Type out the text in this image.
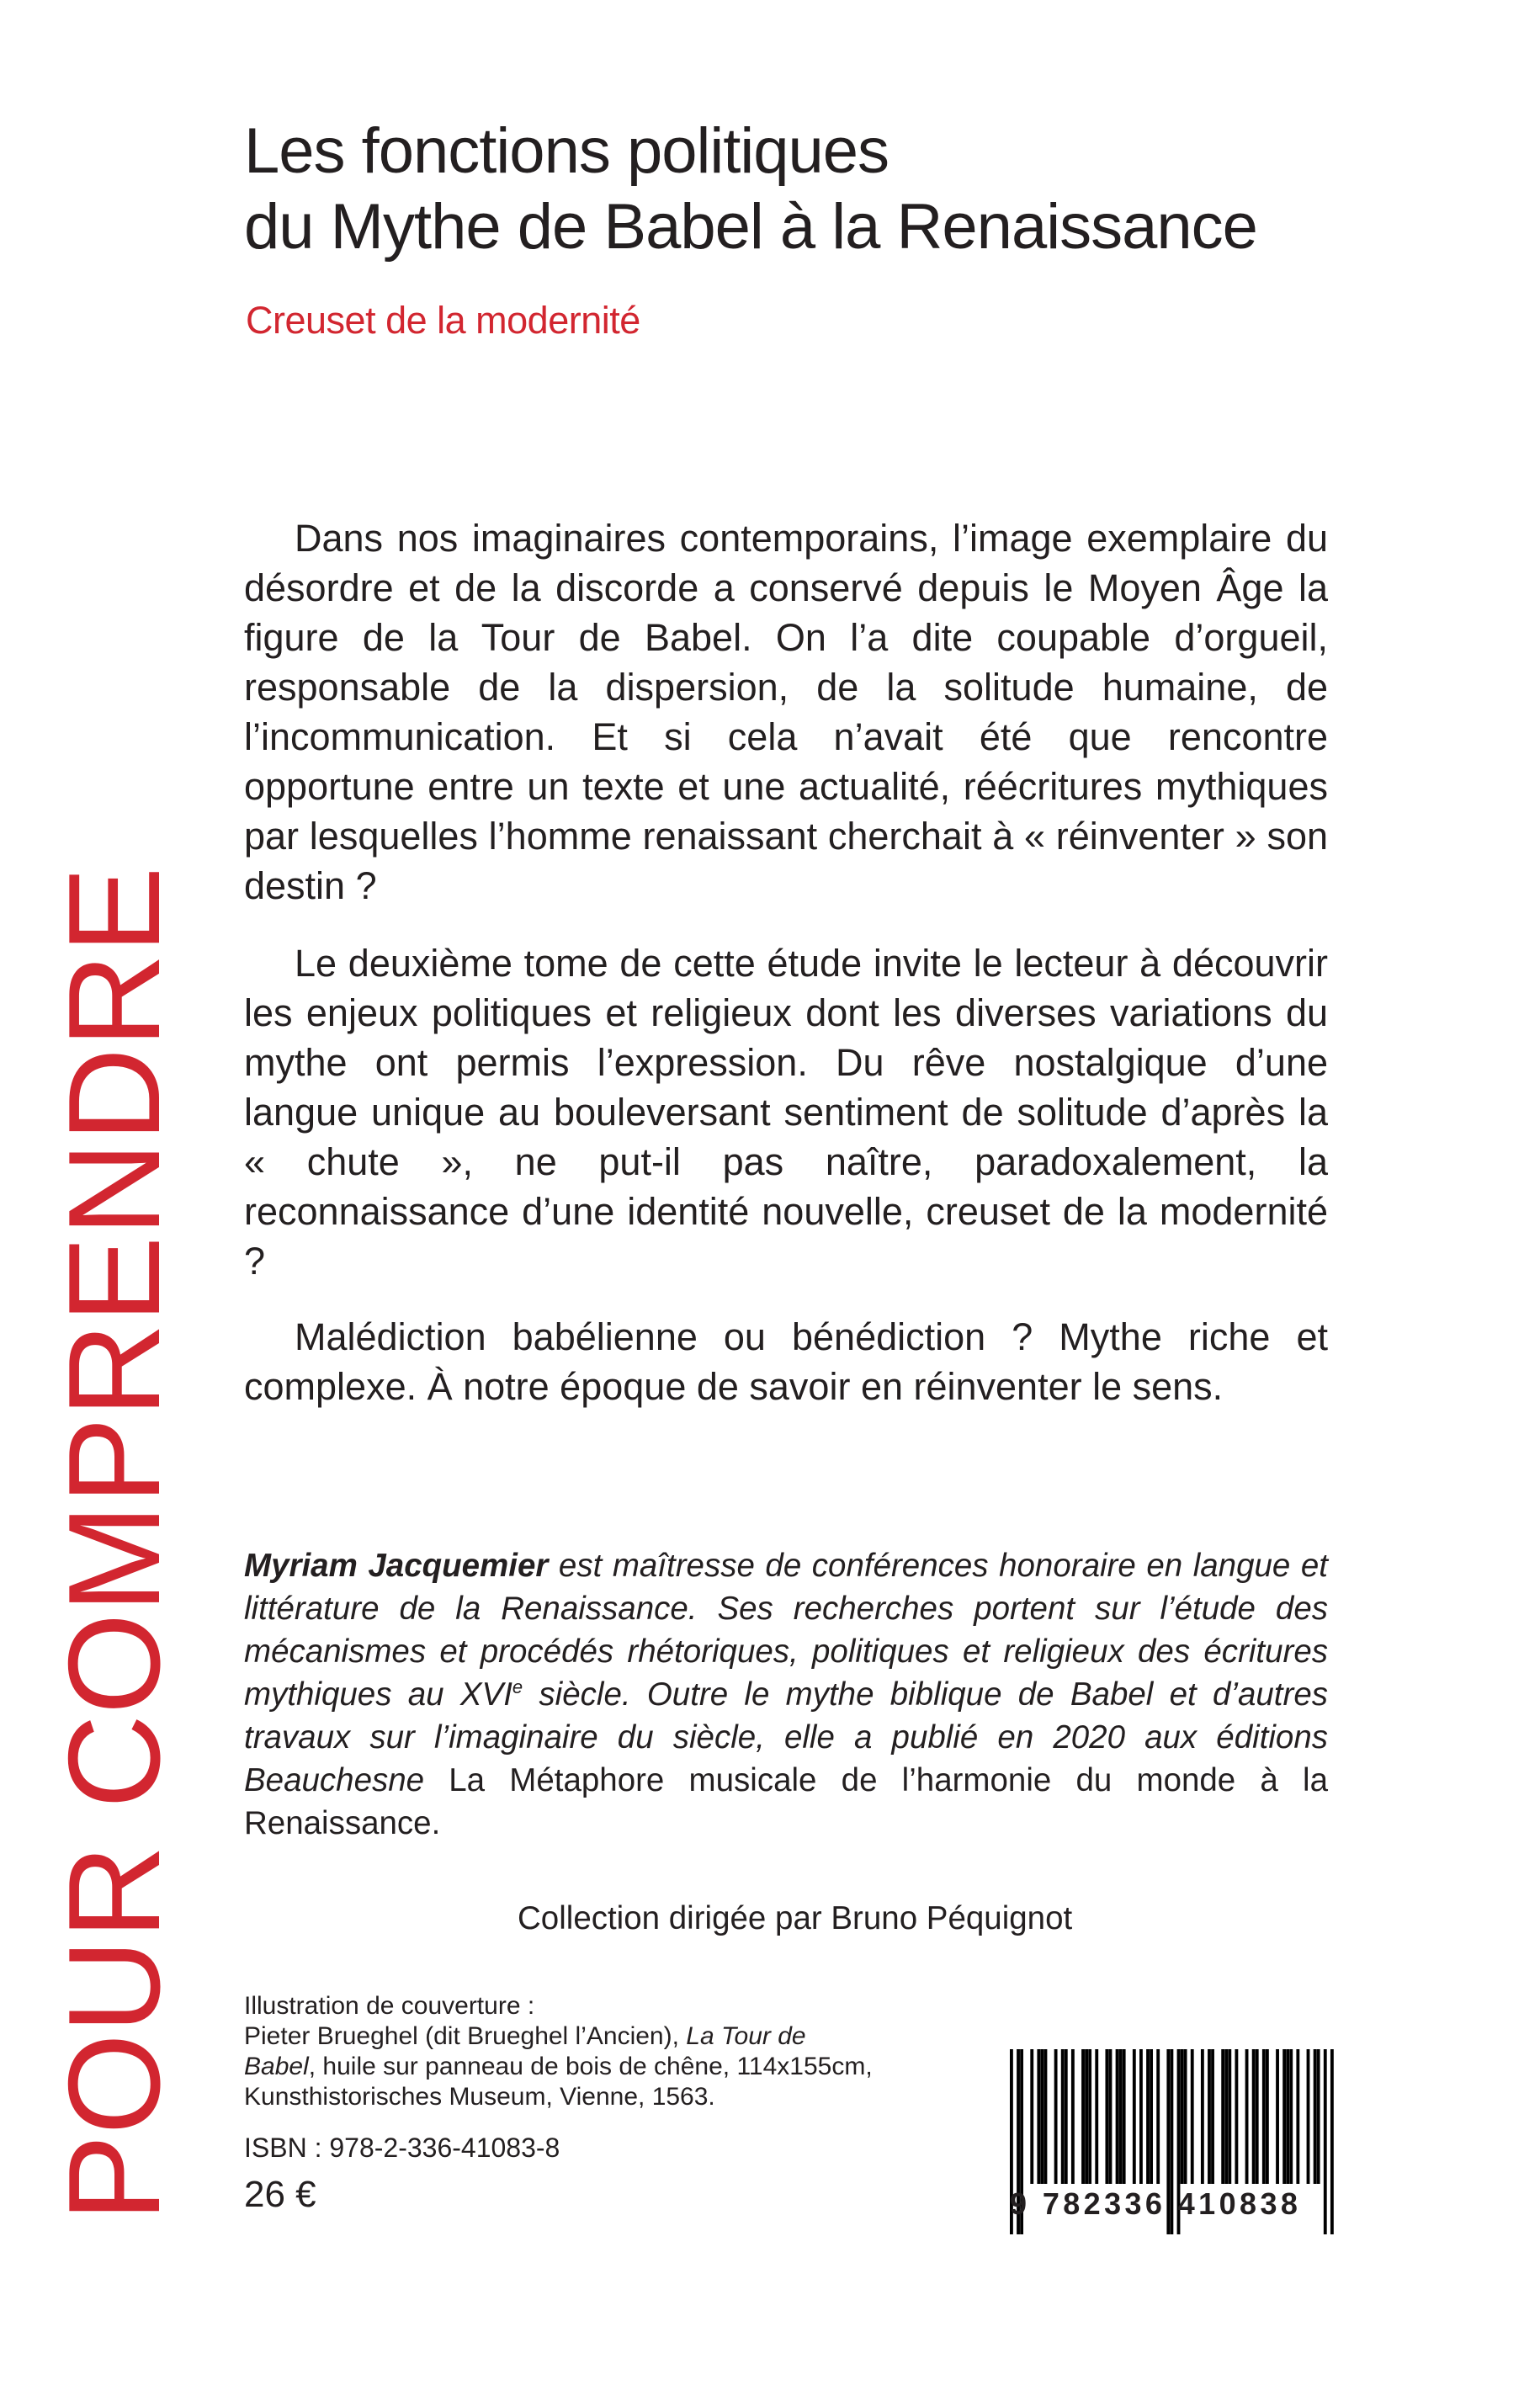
Les fonctions politiques
du Mythe de Babel à la Renaissance
Creuset de la modernité
POUR COMPRENDRE

Dans nos imaginaires contemporains, l’image exemplaire du désordre et de la discorde a conservé depuis le Moyen Âge la figure de la Tour de Babel. On l’a dite coupable d’orgueil, responsable de la dispersion, de la solitude humaine, de l’incommunication. Et si cela n’avait été que rencontre opportune entre un texte et une actualité, réécritures mythiques par lesquelles l’homme renaissant cherchait à « réinventer » son destin ?

Le deuxième tome de cette étude invite le lecteur à découvrir les enjeux politiques et religieux dont les diverses variations du mythe ont permis l’expression. Du rêve nostalgique d’une langue unique au bouleversant sentiment de solitude d’après la « chute », ne put-il pas naître, paradoxalement, la reconnaissance d’une identité nouvelle, creuset de la modernité ?

Malédiction babélienne ou bénédiction ? Mythe riche et complexe. À notre époque de savoir en réinventer le sens.

Myriam Jacquemier est maîtresse de conférences honoraire en langue et littérature de la Renaissance. Ses recherches portent sur l’étude des mécanismes et procédés rhétoriques, politiques et religieux des écritures mythiques au XVIe siècle. Outre le mythe biblique de Babel et d’autres travaux sur l’imaginaire du siècle, elle a publié en 2020 aux éditions Beauchesne La Métaphore musicale de l’harmonie du monde à la Renaissance.

Collection dirigée par Bruno Péquignot
Illustration de couverture :
Pieter Brueghel (dit Brueghel l’Ancien), La Tour de
Babel, huile sur panneau de bois de chêne, 114x155cm,
Kunsthistorisches Museum, Vienne, 1563.
ISBN : 978-2-336-41083-8
26 €	9 782336 410838
